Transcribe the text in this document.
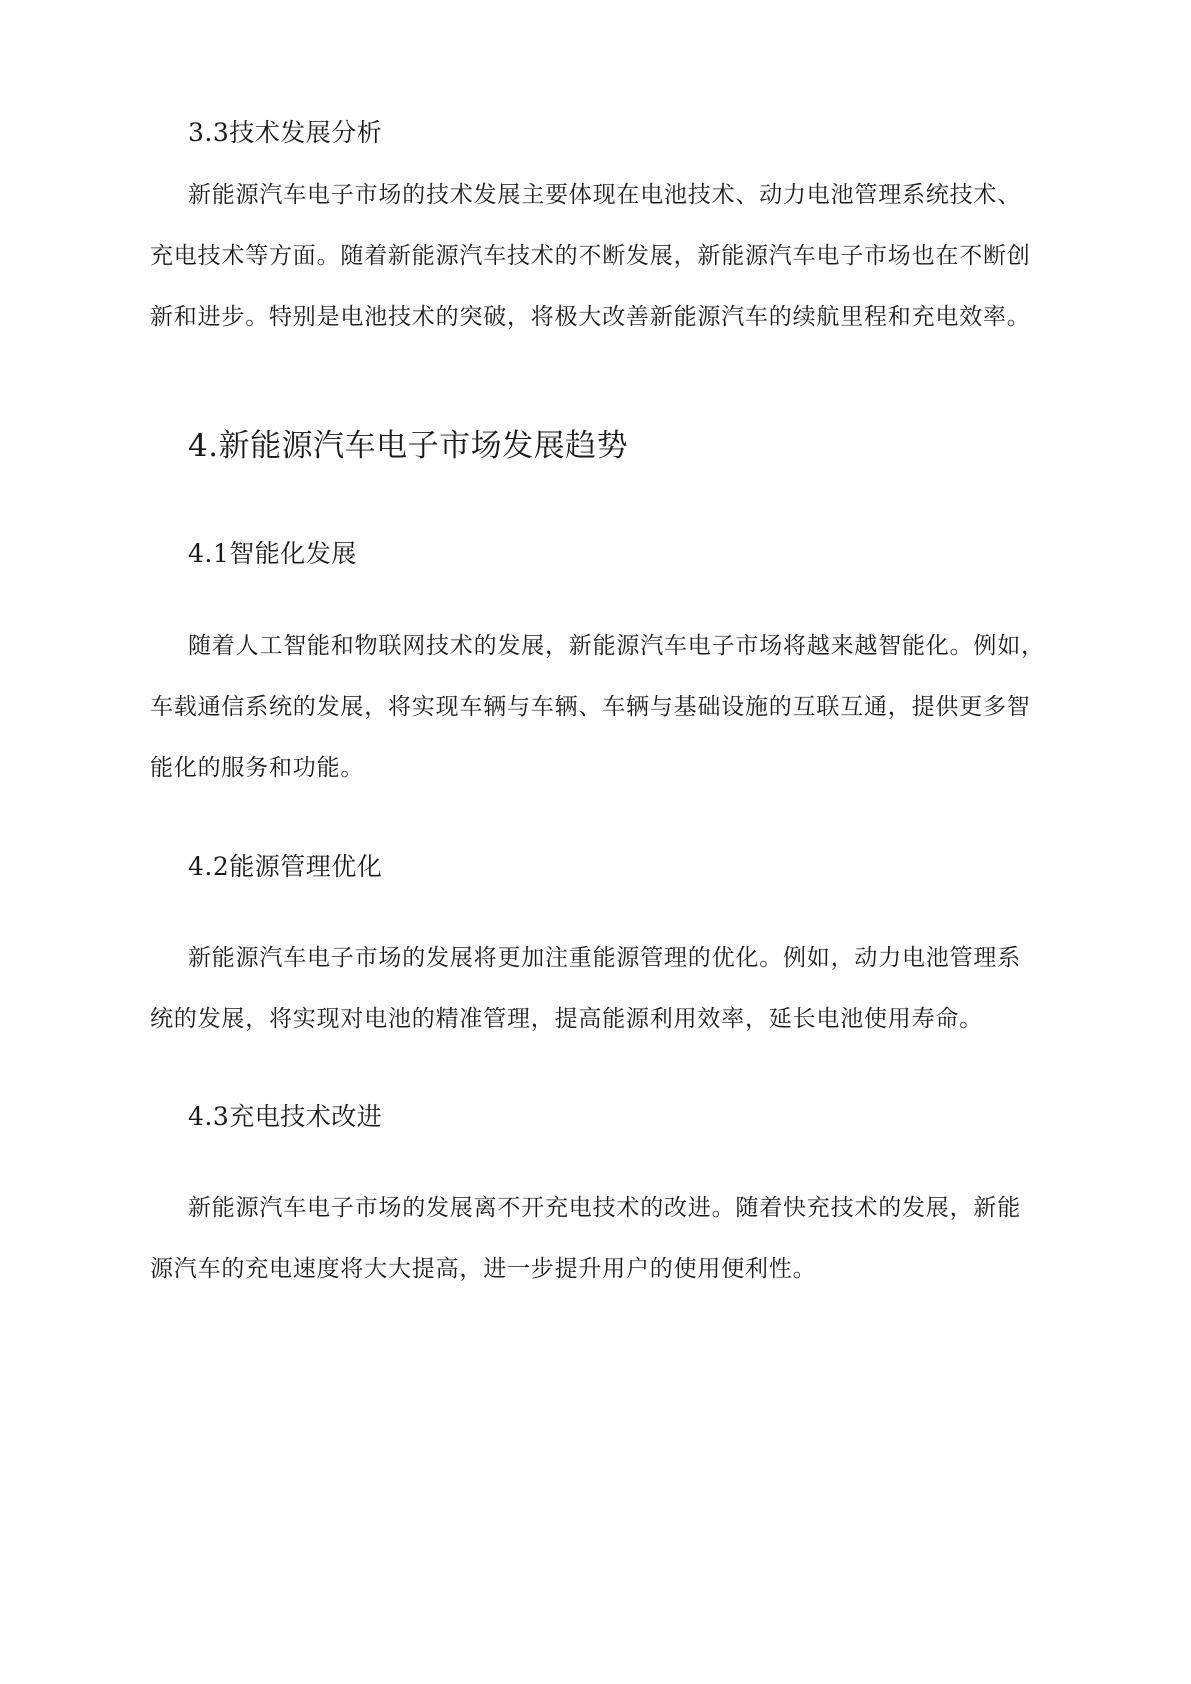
3.3技术发展分析
新能源汽车电子市场的技术发展主要体现在电池技术、动力电池管理系统技术、
充电技术等方面。随着新能源汽车技术的不断发展，新能源汽车电子市场也在不断创
新和进步。特别是电池技术的突破，将极大改善新能源汽车的续航里程和充电效率。
4.新能源汽车电子市场发展趋势
4.1智能化发展
随着人工智能和物联网技术的发展，新能源汽车电子市场将越来越智能化。例如，
车载通信系统的发展，将实现车辆与车辆、车辆与基础设施的互联互通，提供更多智
能化的服务和功能。
4.2能源管理优化
新能源汽车电子市场的发展将更加注重能源管理的优化。例如，动力电池管理系
统的发展，将实现对电池的精准管理，提高能源利用效率，延长电池使用寿命。
4.3充电技术改进
新能源汽车电子市场的发展离不开充电技术的改进。随着快充技术的发展，新能
源汽车的充电速度将大大提高，进一步提升用户的使用便利性。
